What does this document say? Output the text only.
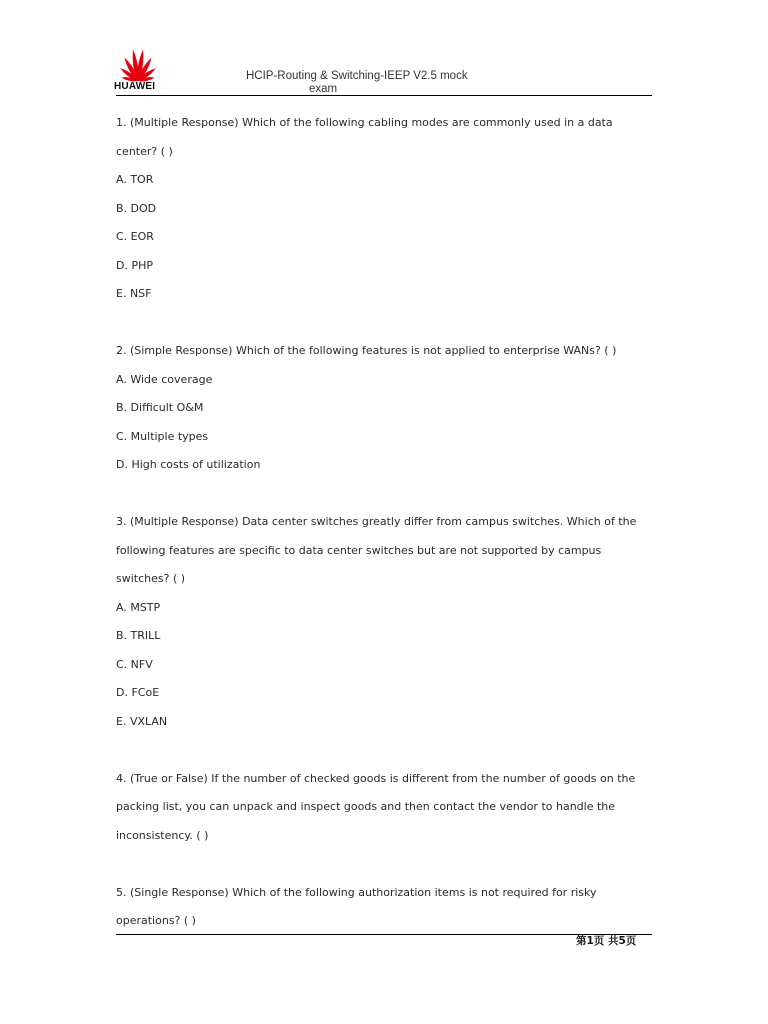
HUAWEI
HCIP-Routing & Switching-IEEP V2.5 mock
exam
1. (Multiple Response) Which of the following cabling modes are commonly used in a data
center? ( )
A. TOR
B. DOD
C. EOR
D. PHP
E. NSF
2. (Simple Response) Which of the following features is not applied to enterprise WANs? ( )
A. Wide coverage
B. Difficult O&M
C. Multiple types
D. High costs of utilization
3. (Multiple Response) Data center switches greatly differ from campus switches. Which of the
following features are specific to data center switches but are not supported by campus
switches? ( )
A. MSTP
B. TRILL
C. NFV
D. FCoE
E. VXLAN
4. (True or False) If the number of checked goods is different from the number of goods on the
packing list, you can unpack and inspect goods and then contact the vendor to handle the
inconsistency. ( )
5. (Single Response) Which of the following authorization items is not required for risky
operations? ( )
第1页 共5页
